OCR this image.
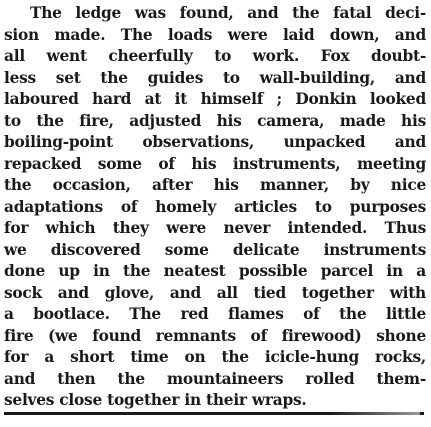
The ledge was found, and the fatal deci-
sion made. The loads were laid down, and
all went cheerfully to work. Fox doubt-
less set the guides to wall-building, and
laboured hard at it himself ; Donkin looked
to the fire, adjusted his camera, made his
boiling-point observations, unpacked and
repacked some of his instruments, meeting
the occasion, after his manner, by nice
adaptations of homely articles to purposes
for which they were never intended. Thus
we discovered some delicate instruments
done up in the neatest possible parcel in a
sock and glove, and all tied together with
a bootlace. The red flames of the little
fire (we found remnants of firewood) shone
for a short time on the icicle-hung rocks,
and then the mountaineers rolled them-
selves close together in their wraps.
